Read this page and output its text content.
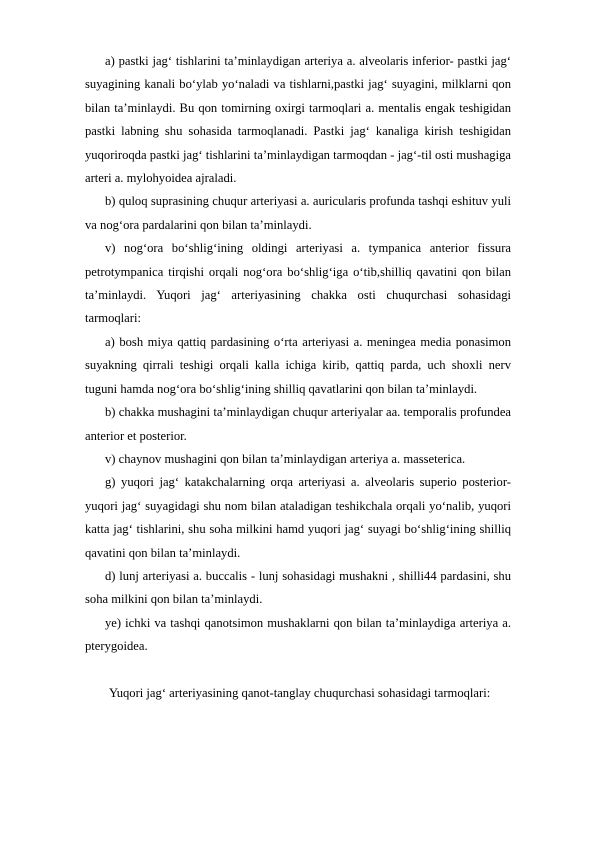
a) pastki jag‘ tishlarini ta’minlaydigan arteriya a. alveolaris inferior- pastki jag‘ suyagining kanali bo‘ylab yo‘naladi va tishlarni,pastki jag‘ suyagini, milklarni qon bilan ta’minlaydi. Bu qon tomirning oxirgi tarmoqlari a. mentalis engak teshigidan pastki labning shu sohasida tarmoqlanadi. Pastki jag‘ kanaliga kirish teshigidan yuqoriroqda pastki jag‘ tishlarini ta’minlaydigan tarmoqdan - jag‘-til osti mushagiga arteri a. mylohyoidea ajraladi.

b) quloq suprasining chuqur arteriyasi a. auricularis profunda tashqi eshituv yuli va nog‘ora pardalarini qon bilan ta’minlaydi.

v) nog‘ora bo‘shlig‘ining oldingi arteriyasi a. tympanica anterior fissura petrotympanica tirqishi orqali nog‘ora bo‘shlig‘iga o‘tib,shilliq qavatini qon bilan ta’minlaydi. Yuqori jag‘ arteriyasining chakka osti chuqurchasi sohasidagi tarmoqlari:

a) bosh miya qattiq pardasining o‘rta arteriyasi a. meningea media ponasimon suyakning qirrali teshigi orqali kalla ichiga kirib, qattiq parda, uch shoxli nerv tuguni hamda nog‘ora bo‘shlig‘ining shilliq qavatlarini qon bilan ta’minlaydi.

b) chakka mushagini ta’minlaydigan chuqur arteriyalar aa. temporalis profundea anterior et posterior.

v) chaynov mushagini qon bilan ta’minlaydigan arteriya a. masseterica.

g) yuqori jag‘ katakchalarning orqa arteriyasi a. alveolaris superio posterior- yuqori jag‘ suyagidagi shu nom bilan ataladigan teshikchala orqali yo‘nalib, yuqori katta jag‘ tishlarini, shu soha milkini hamd yuqori jag‘ suyagi bo‘shlig‘ining shilliq qavatini qon bilan ta’minlaydi.

d) lunj arteriyasi a. buccalis - lunj sohasidagi mushakni , shilli44 pardasini, shu soha milkini qon bilan ta’minlaydi.

ye) ichki va tashqi qanotsimon mushaklarni qon bilan ta’minlaydiga arteriya a. pterygoidea.

Yuqori jag‘ arteriyasining qanot-tanglay chuqurchasi sohasidagi tarmoqlari:
